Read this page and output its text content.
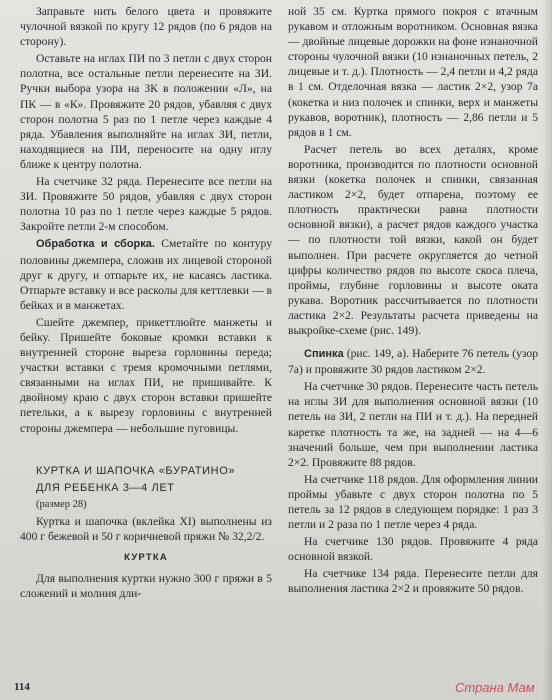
Заправьте нить белого цвета и провяжите чулочной вязкой по кругу 12 рядов (по 6 рядов на сторону).

Оставьте на иглах ПИ по 3 петли с двух сторон полотна, все остальные петли перенесите на ЗИ. Ручки выбора узора на ЗК в положении «Л», на ПК — в «К». Провяжите 20 рядов, убавляя с двух сторон полотна 5 раз по 1 петле через каждые 4 ряда. Убавления выполняйте на иглах ЗИ, петли, находящиеся на ПИ, переносите на одну иглу ближе к центру полотна.

На счетчике 32 ряда. Перенесите все петли на ЗИ. Провяжите 50 рядов, убавляя с двух сторон полотна 10 раз по 1 петле через каждые 5 рядов. Закройте петли 2-м способом.

Обработка и сборка. Сметайте по контуру половины джемпера, сложив их лицевой стороной друг к другу, и отпарьте их, не касаясь ластика. Отпарьте вставку и все расколы для кеттлевки — в бейках и в манжетах.

Сшейте джемпер, прикеттлюйте манжеты и бейку. Пришейте боковые кромки вставки к внутренней стороне выреза горловины переда; участки вставки с тремя кромочными петлями, связанными на иглах ПИ, не пришивайте. К двойному краю с двух сторон вставки пришейте петельки, а к вырезу горловины с внутренней стороны джемпера — небольшие пуговицы.

КУРТКА И ШАПОЧКА «БУРАТИНО»

ДЛЯ РЕБЕНКА 3—4 ЛЕТ

(размер 28)

Куртка и шапочка (вклейка XI) выполнены из 400 г бежевой и 50 г коричневой пряжи № 32,2/2.

КУРТКА

Для выполнения куртки нужно 300 г пряжи в 5 сложений и молния дли-

ной 35 см. Куртка прямого покроя с втачным рукавом и отложным воротником. Основная вязка — двойные лицевые дорожки на фоне изнаночной стороны чулочной вязки (10 изнаночных петель, 2 лицевые и т. д.). Плотность — 2,4 петли и 4,2 ряда в 1 см. Отделочная вязка — ластик 2×2, узор 7а (кокетка и низ полочек и спинки, верх и манжеты рукавов, воротник), плотность — 2,86 петли и 5 рядов в 1 см.

Расчет петель во всех деталях, кроме воротника, производится по плотности основной вязки (кокетка полочек и спинки, связанная ластиком 2×2, будет отпарена, поэтому ее плотность практически равна плотности основной вязки), а расчет рядов каждого участка — по плотности той вязки, какой он будет выполнен. При расчете округляется до четной цифры количество рядов по высоте скоса плеча, проймы, глубине горловины и высоте оката рукава. Воротник рассчитывается по плотности ластика 2×2. Результаты расчета приведены на выкройке-схеме (рис. 149).

Спинка (рис. 149, а). Наберите 76 петель (узор 7а) и провяжите 30 рядов ластиком 2×2.

На счетчике 30 рядов. Перенесите часть петель на иглы ЗИ для выполнения основной вязки (10 петель на ЗИ, 2 петли на ПИ и т. д.). На передней каретке плотность та же, на задней — на 4—6 значений больше, чем при выполнении ластика 2×2. Провяжите 88 рядов.

На счетчике 118 рядов. Для оформления линии проймы убавьте с двух сторон полотна по 5 петель за 12 рядов в следующем порядке: 1 раз 3 петли и 2 раза по 1 петле через 4 ряда.

На счетчике 130 рядов. Провяжите 4 ряда основной вязкой.

На счетчике 134 ряда. Перенесите петли для выполнения ластика 2×2 и провяжите 50 рядов.

114	Страна Мам
